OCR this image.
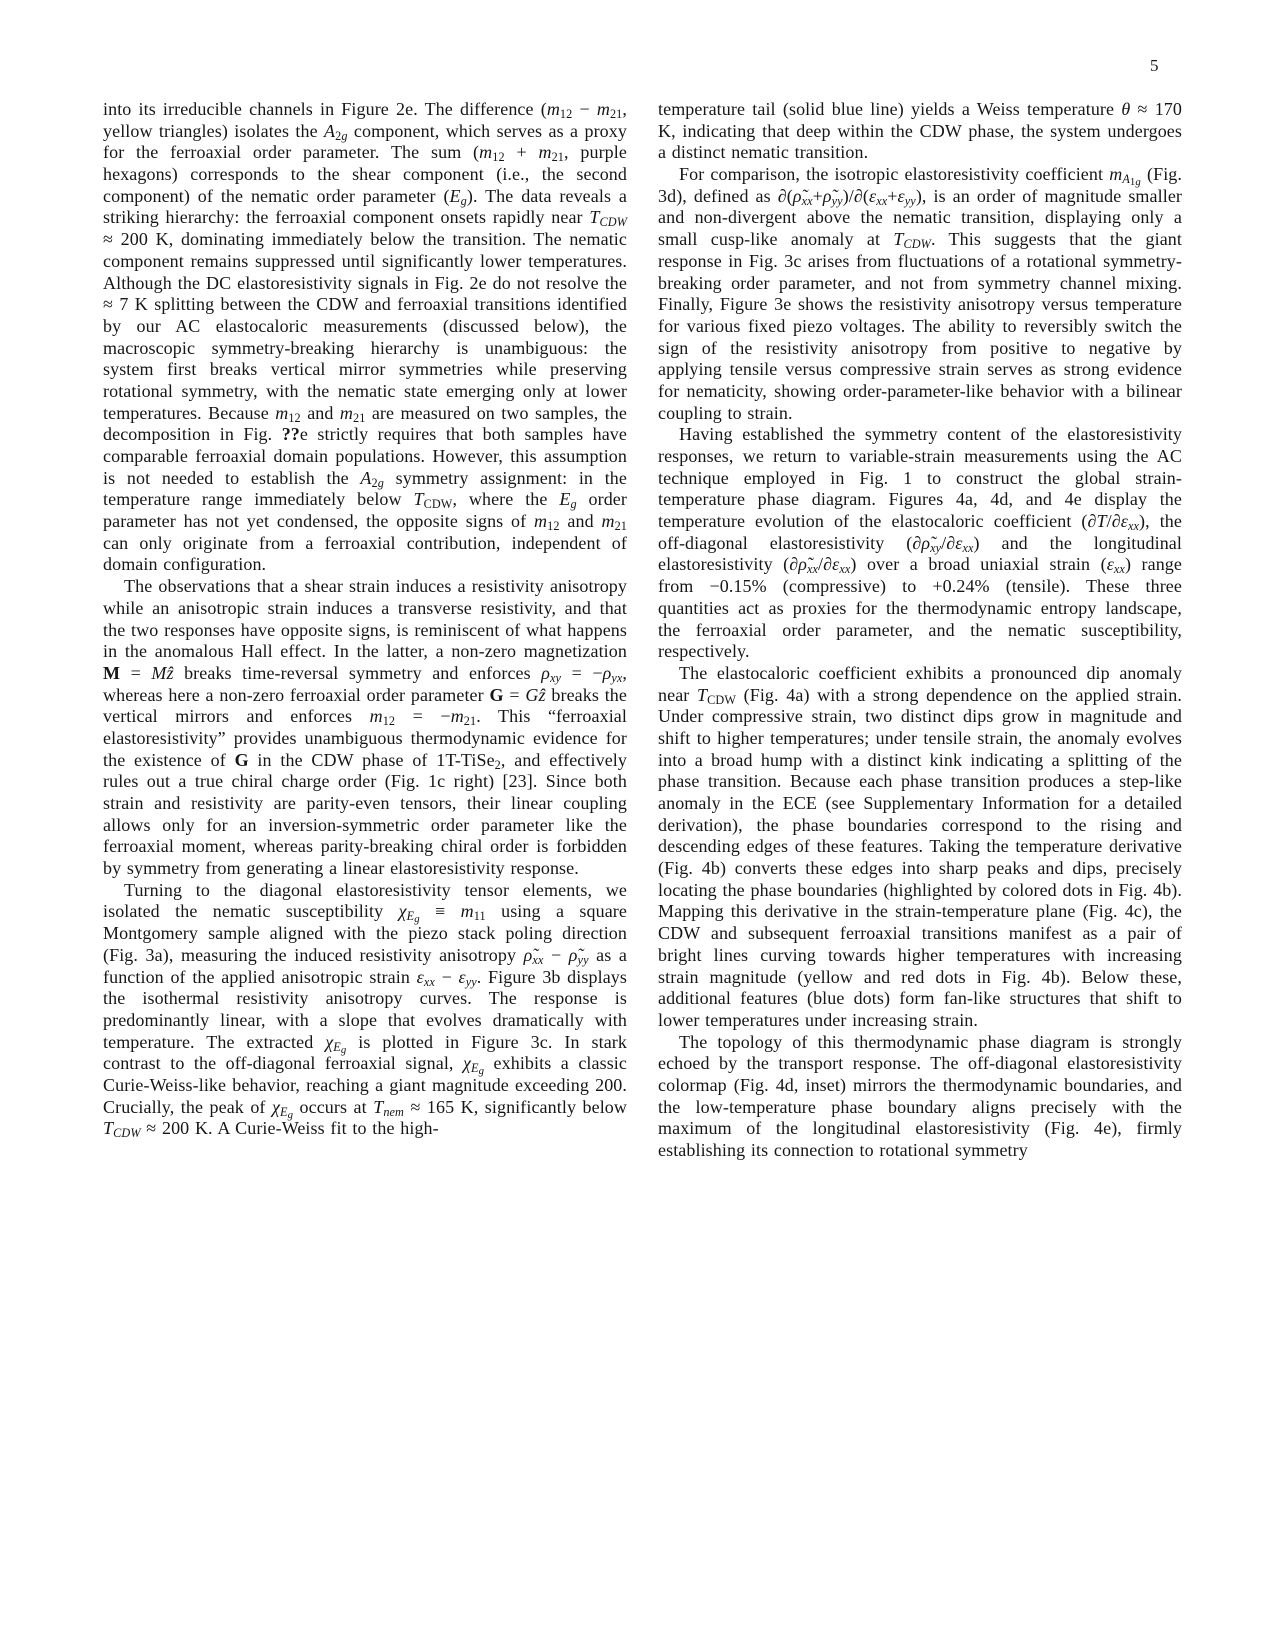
5

into its irreducible channels in Figure 2e. The difference ($m_{12} - m_{21}$, yellow triangles) isolates the $A_{2g}$ component, which serves as a proxy for the ferroaxial order parameter. The sum ($m_{12} + m_{21}$, purple hexagons) corresponds to the shear component (i.e., the second component) of the nematic order parameter $(E_g)$. The data reveals a striking hierarchy: the ferroaxial component onsets rapidly near $T_{CDW} \approx 200$ K, dominating immediately below the transition. The nematic component remains suppressed until significantly lower temperatures. Although the DC elastoresistivity signals in Fig. 2e do not resolve the ≈ 7 K splitting between the CDW and ferroaxial transitions identified by our AC elastocaloric measurements (discussed below), the macroscopic symmetry-breaking hierarchy is unambiguous: the system first breaks vertical mirror symmetries while preserving rotational symmetry, with the nematic state emerging only at lower temperatures. Because $m_{12}$ and $m_{21}$ are measured on two samples, the decomposition in Fig. ??e strictly requires that both samples have comparable ferroaxial domain populations. However, this assumption is not needed to establish the $A_{2g}$ symmetry assignment: in the temperature range immediately below $T_{CDW}$, where the $E_g$ order parameter has not yet condensed, the opposite signs of $m_{12}$ and $m_{21}$ can only originate from a ferroaxial contribution, independent of domain configuration.

The observations that a shear strain induces a resistivity anisotropy while an anisotropic strain induces a transverse resistivity, and that the two responses have opposite signs, is reminiscent of what happens in the anomalous Hall effect. In the latter, a non-zero magnetization M = Mẑ breaks time-reversal symmetry and enforces $\rho_{xy} = -\rho_{yx}$, whereas here a non-zero ferroaxial order parameter G = Gẑ breaks the vertical mirrors and enforces $m_{12} = -m_{21}$. This “ferroaxial elastoresistivity” provides unambiguous thermodynamic evidence for the existence of G in the CDW phase of 1T-TiSe$_2$, and effectively rules out a true chiral charge order (Fig. 1c right) [23]. Since both strain and resistivity are parity-even tensors, their linear coupling allows only for an inversion-symmetric order parameter like the ferroaxial moment, whereas parity-breaking chiral order is forbidden by symmetry from generating a linear elastoresistivity response.

Turning to the diagonal elastoresistivity tensor elements, we isolated the nematic susceptibility $\chi_{E_g} \equiv m_{11}$ using a square Montgomery sample aligned with the piezo stack poling direction (Fig. 3a), measuring the induced resistivity anisotropy $\rhõ_{xx}$ − $\rhõ_{yy}$ as a function of the applied anisotropic strain $\varepsilon_{xx} - \varepsilon_{yy}$. Figure 3b displays the isothermal resistivity anisotropy curves. The response is predominantly linear, with a slope that evolves dramatically with temperature. The extracted $\chi_{E_g}$ is plotted in Figure 3c. In stark contrast to the off-diagonal ferroaxial signal, $\chi_{E_g}$ exhibits a classic Curie-Weiss-like behavior, reaching a giant magnitude exceeding 200. Crucially, the peak of $\chi_{E_g}$ occurs at $T_{nem} \approx 165$ K, significantly below $T_{CDW} \approx 200$ K. A Curie-Weiss fit to the high-

temperature tail (solid blue line) yields a Weiss temperature θ ≈ 170 K, indicating that deep within the CDW phase, the system undergoes a distinct nematic transition.

For comparison, the isotropic elastoresistivity coefficient $m_{A_{1g}}$ (Fig. 3d), defined as $\partial(\rhõ_{xx}+\rhõ_{yy})/\partial(\varepsilon_{xx}+\varepsilon_{yy})$, is an order of magnitude smaller and non-divergent above the nematic transition, displaying only a small cusp-like anomaly at $T_{CDW}$. This suggests that the giant response in Fig. 3c arises from fluctuations of a rotational symmetry-breaking order parameter, and not from symmetry channel mixing. Finally, Figure 3e shows the resistivity anisotropy versus temperature for various fixed piezo voltages. The ability to reversibly switch the sign of the resistivity anisotropy from positive to negative by applying tensile versus compressive strain serves as strong evidence for nematicity, showing order-parameter-like behavior with a bilinear coupling to strain.

Having established the symmetry content of the elastoresistivity responses, we return to variable-strain measurements using the AC technique employed in Fig. 1 to construct the global strain-temperature phase diagram. Figures 4a, 4d, and 4e display the temperature evolution of the elastocaloric coefficient $(\partial T/\partial\varepsilon_{xx})$, the off-diagonal elastoresistivity $(\partial\rhõ_{xy}/\partial\varepsilon_{xx})$ and the longitudinal elastoresistivity $(\partial\rhõ_{xx}/\partial\varepsilon_{xx})$ over a broad uniaxial strain $(\varepsilon_{xx})$ range from −0.15% (compressive) to +0.24% (tensile). These three quantities act as proxies for the thermodynamic entropy landscape, the ferroaxial order parameter, and the nematic susceptibility, respectively.

The elastocaloric coefficient exhibits a pronounced dip anomaly near $T_{CDW}$ (Fig. 4a) with a strong dependence on the applied strain. Under compressive strain, two distinct dips grow in magnitude and shift to higher temperatures; under tensile strain, the anomaly evolves into a broad hump with a distinct kink indicating a splitting of the phase transition. Because each phase transition produces a step-like anomaly in the ECE (see Supplementary Information for a detailed derivation), the phase boundaries correspond to the rising and descending edges of these features. Taking the temperature derivative (Fig. 4b) converts these edges into sharp peaks and dips, precisely locating the phase boundaries (highlighted by colored dots in Fig. 4b). Mapping this derivative in the strain-temperature plane (Fig. 4c), the CDW and subsequent ferroaxial transitions manifest as a pair of bright lines curving towards higher temperatures with increasing strain magnitude (yellow and red dots in Fig. 4b). Below these, additional features (blue dots) form fan-like structures that shift to lower temperatures under increasing strain.

The topology of this thermodynamic phase diagram is strongly echoed by the transport response. The off-diagonal elastoresistivity colormap (Fig. 4d, inset) mirrors the thermodynamic boundaries, and the low-temperature phase boundary aligns precisely with the maximum of the longitudinal elastoresistivity (Fig. 4e), firmly establishing its connection to rotational symmetry
